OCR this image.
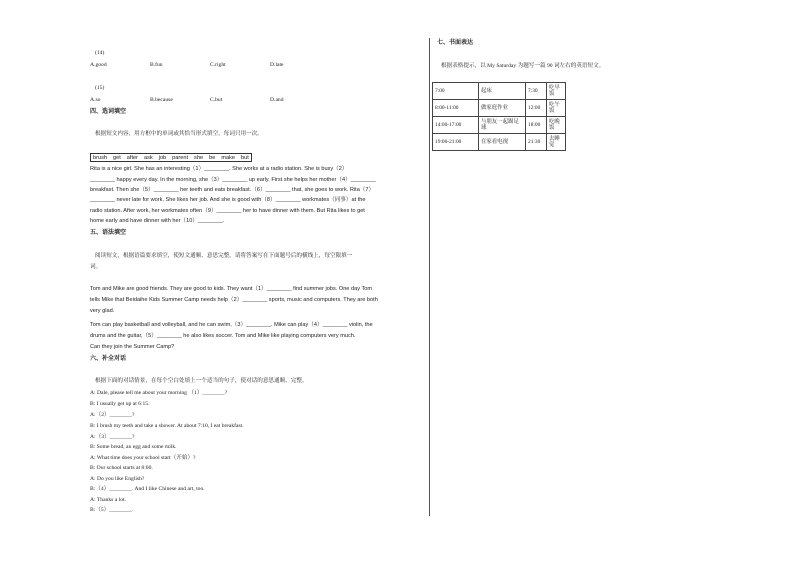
(14)
A.good	B.fun	C.right	D.late
(15)
A.so	B.because	C.but	D.and
四、选词填空
根据短文内容，用方框中的单词或其恰当形式填空，每词只用一次。
brush get after ask job parent she be make but
Rita is a nice girl. She has an interesting（1）________. She works at a radio station. She is busy（2）
________ happy every day. In the morning, she（3）________ up early. First she helps her mother（4）________
breakfast. Then she（5）________ her teeth and eats breakfast.（6）________ that, she goes to work. Rita（7）
________ never late for work. She likes her job. And she is good with（8）________ workmates（同事）at the
radio station. After work, her workmates often（9）________ her to have dinner with them. But Rita likes to get
home early and have dinner with her（10）________.
五、语法填空
阅读短文，根据语篇要求填空，使短文通顺、意思完整。请将答案写在下面题号后的横线上，每空限填一
词。
Tom and Mike are good friends. They are good to kids. They want（1）________ find summer jobs. One day Tom
tells Mike that Beidaihe Kids Summer Camp needs help（2）________ sports, music and computers. They are both
very glad.
Tom can play basketball and volleyball, and he can swim,（3）________. Mike can play（4）________ violin, the
drums and the guitar,（5）________ he also likes soccer. Tom and Mike like playing computers very much.
Can they join the Summer Camp?
六、补全对话
根据下面的对话情景，在每个空白处填上一个适当的句子，使对话的意思通顺、完整。
A: Dale, please tell me about your morning （1）________?
B: I usually get up at 6:15.
A:（2）________?
B: I brush my teeth and take a shower. At about 7:10, I eat breakfast.
A:（3）________?
B: Some bread, an egg and some milk.
A: What time does your school start（开始）?
B: Our school starts at 8:00.
A: Do you like English?
B:（4）________. And I like Chinese and art, too.
A: Thanks a lot.
B:（5）________.
七、书面表达
根据表格提示，以 My Saturday 为题写一篇 90 词左右的英语短文。
7:00	起床	7:30	吃早饭
8:00-11:00	做家庭作业	12:00	吃午饭
14:00-17:00	与朋友一起踢足球	18:00	吃晚饭
19:00-21:00	在家看电视	21:30	去睡觉
